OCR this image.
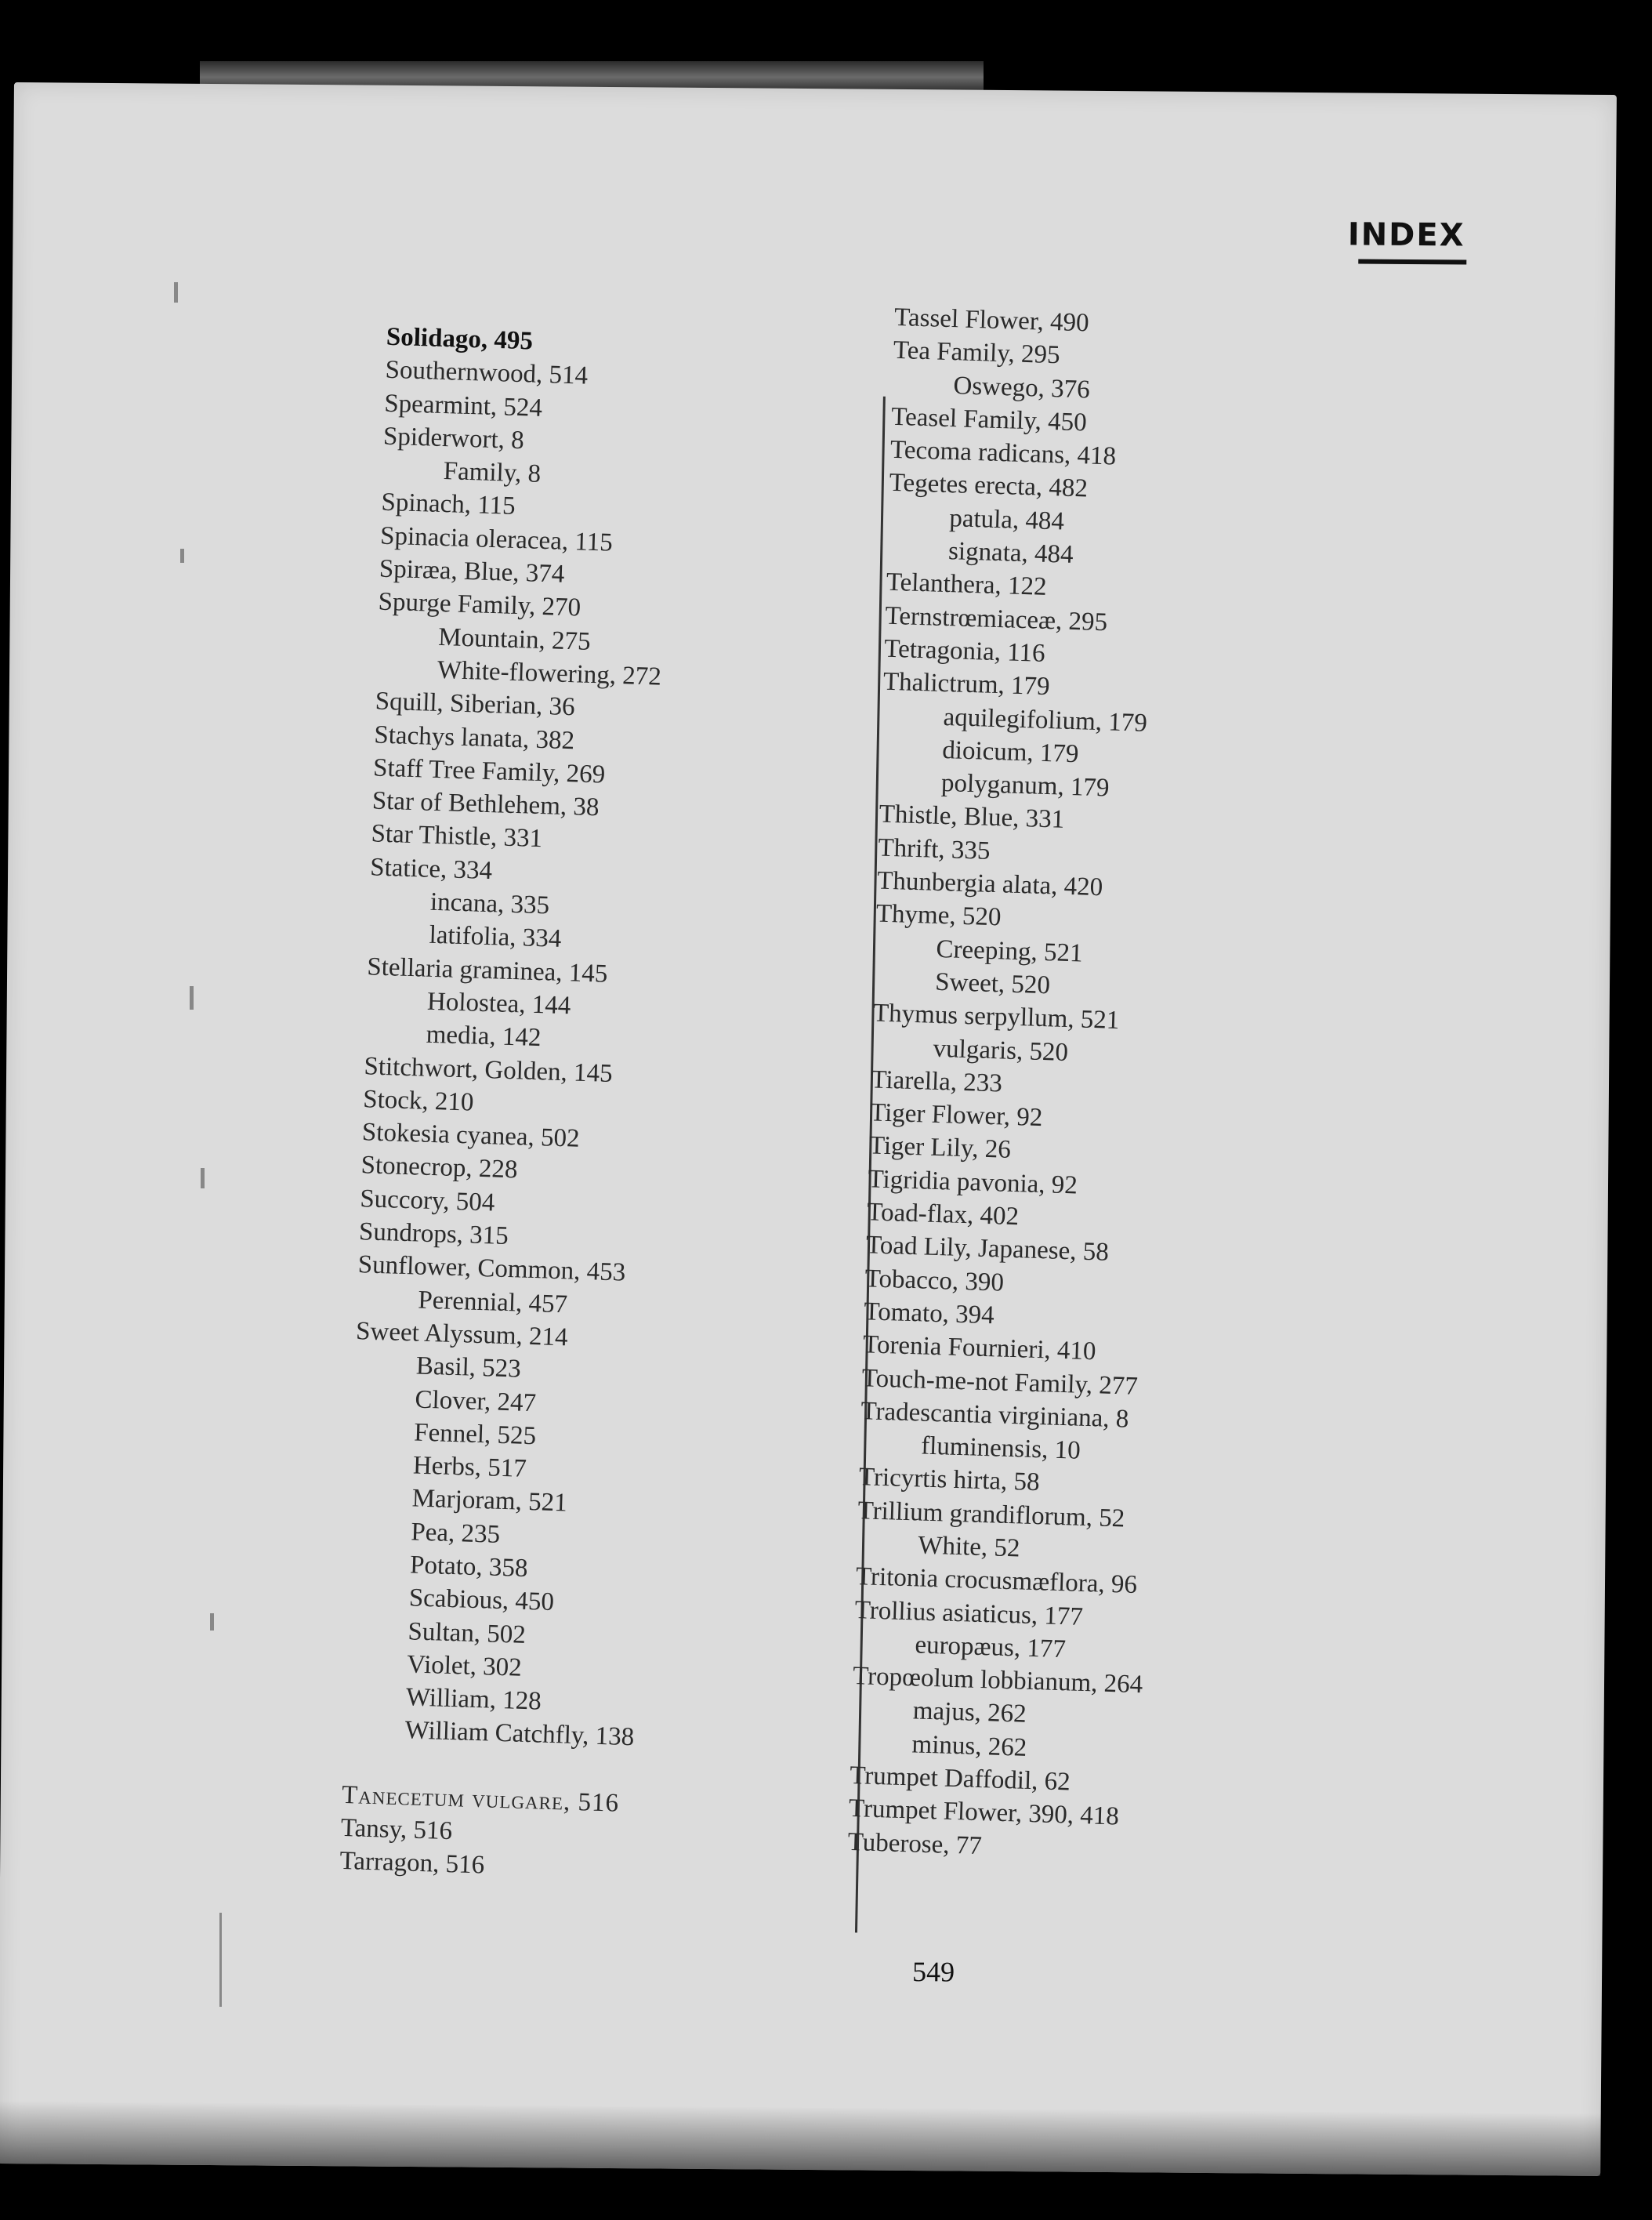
INDEX
Solidago, 495
Southernwood, 514
Spearmint, 524
Spiderwort, 8
Family, 8
Spinach, 115
Spinacia oleracea, 115
Spiræa, Blue, 374
Spurge Family, 270
Mountain, 275
White-flowering, 272
Squill, Siberian, 36
Stachys lanata, 382
Staff Tree Family, 269
Star of Bethlehem, 38
Star Thistle, 331
Statice, 334
incana, 335
latifolia, 334
Stellaria graminea, 145
Holostea, 144
media, 142
Stitchwort, Golden, 145
Stock, 210
Stokesia cyanea, 502
Stonecrop, 228
Succory, 504
Sundrops, 315
Sunflower, Common, 453
Perennial, 457
Sweet Alyssum, 214
Basil, 523
Clover, 247
Fennel, 525
Herbs, 517
Marjoram, 521
Pea, 235
Potato, 358
Scabious, 450
Sultan, 502
Violet, 302
William, 128
William Catchfly, 138
Tanecetum vulgare, 516
Tansy, 516
Tarragon, 516
Tassel Flower, 490
Tea Family, 295
Oswego, 376
Teasel Family, 450
Tecoma radicans, 418
Tegetes erecta, 482
patula, 484
signata, 484
Telanthera, 122
Ternstrœmiaceæ, 295
Tetragonia, 116
Thalictrum, 179
aquilegifolium, 179
dioicum, 179
polyganum, 179
Thistle, Blue, 331
Thrift, 335
Thunbergia alata, 420
Thyme, 520
Creeping, 521
Sweet, 520
Thymus serpyllum, 521
vulgaris, 520
Tiarella, 233
Tiger Flower, 92
Tiger Lily, 26
Tigridia pavonia, 92
Toad-flax, 402
Toad Lily, Japanese, 58
Tobacco, 390
Tomato, 394
Torenia Fournieri, 410
Touch-me-not Family, 277
Tradescantia virginiana, 8
fluminensis, 10
Tricyrtis hirta, 58
Trillium grandiflorum, 52
White, 52
Tritonia crocusmæflora, 96
Trollius asiaticus, 177
europæus, 177
Tropœolum lobbianum, 264
majus, 262
minus, 262
Trumpet Daffodil, 62
Trumpet Flower, 390, 418
Tuberose, 77
549
